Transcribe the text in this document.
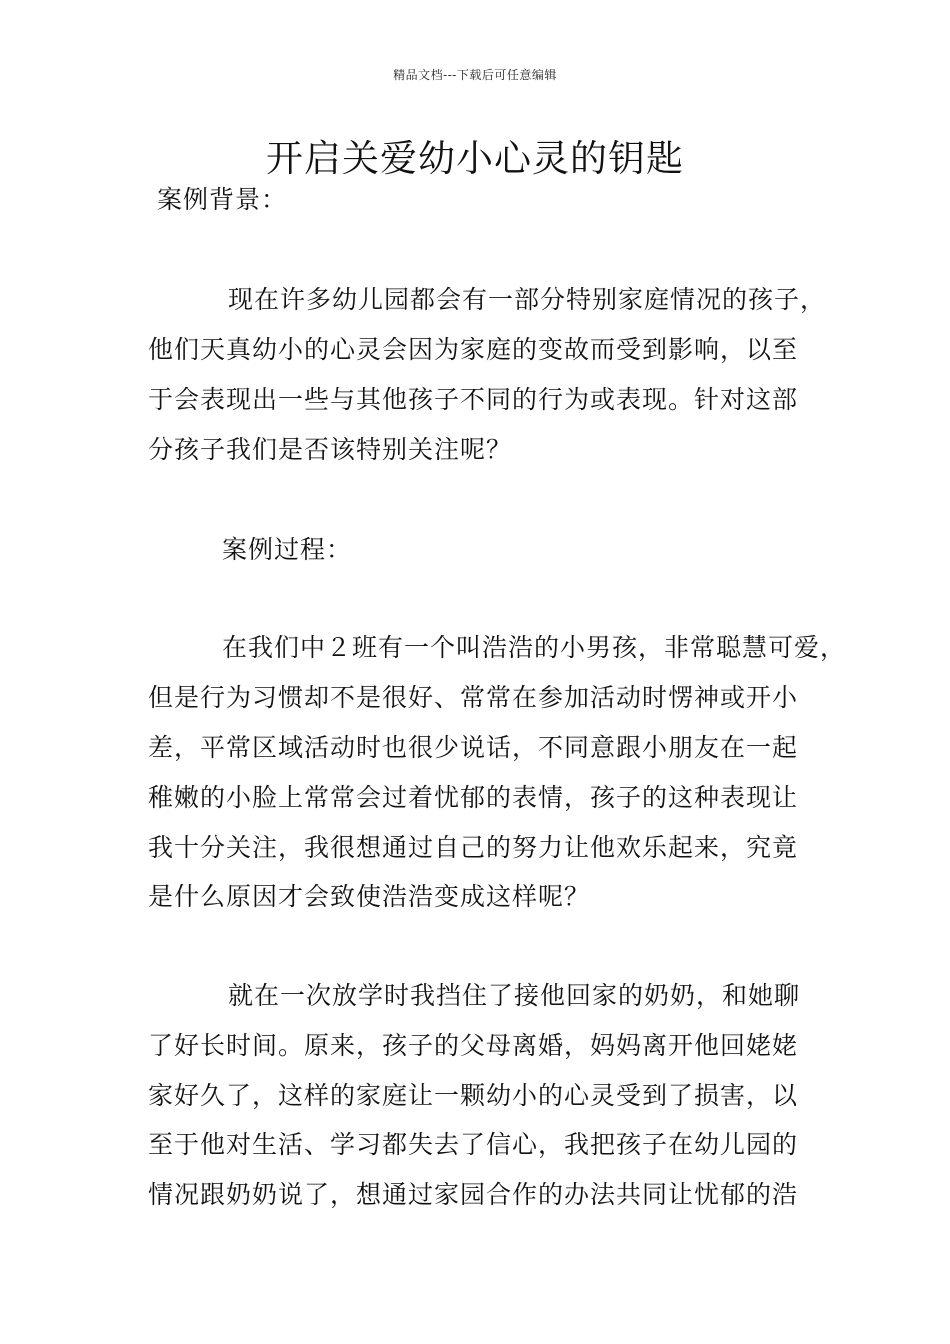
精品文档---下载后可任意编辑
开启关爱幼小心灵的钥匙
案例背景：
现在许多幼儿园都会有一部分特别家庭情况的孩子，
他们天真幼小的心灵会因为家庭的变故而受到影响，以至
于会表现出一些与其他孩子不同的行为或表现。针对这部
分孩子我们是否该特别关注呢？
案例过程：
在我们中２班有一个叫浩浩的小男孩，非常聪慧可爱，
但是行为习惯却不是很好、常常在参加活动时愣神或开小
差，平常区域活动时也很少说话，不同意跟小朋友在一起
稚嫩的小脸上常常会过着忧郁的表情，孩子的这种表现让
我十分关注，我很想通过自己的努力让他欢乐起来，究竟
是什么原因才会致使浩浩变成这样呢？
就在一次放学时我挡住了接他回家的奶奶，和她聊
了好长时间。原来，孩子的父母离婚，妈妈离开他回姥姥
家好久了，这样的家庭让一颗幼小的心灵受到了损害，以
至于他对生活、学习都失去了信心，我把孩子在幼儿园的
情况跟奶奶说了，想通过家园合作的办法共同让忧郁的浩
